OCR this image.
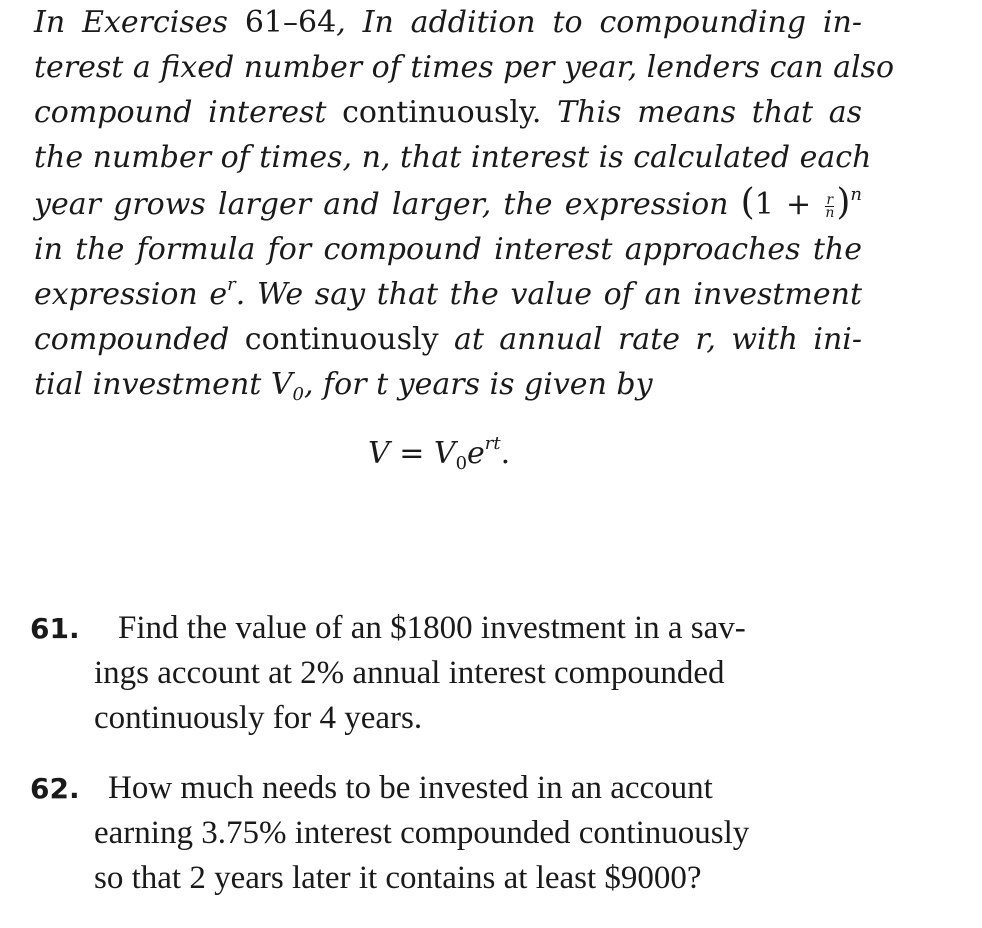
In Exercises 61–64, In addition to compounding in-
terest a fixed number of times per year, lenders can also
compound interest continuously. This means that as
the number of times, n, that interest is calculated each
year grows larger and larger, the expression $(1 + \frac{r}{n} )^n$
in the formula for compound interest approaches the
expression $e^r$. We say that the value of an investment
compounded continuously at annual rate r, with ini-
tial investment $V_0$, for t years is given by
$V = V_0e^{rt}$.
61.	Find the value of an $1800 investment in a sav-
ings account at 2% annual interest compounded
continuously for 4 years.
62. How much needs to be invested in an account
earning 3.75% interest compounded continuously
so that 2 years later it contains at least $9000?
